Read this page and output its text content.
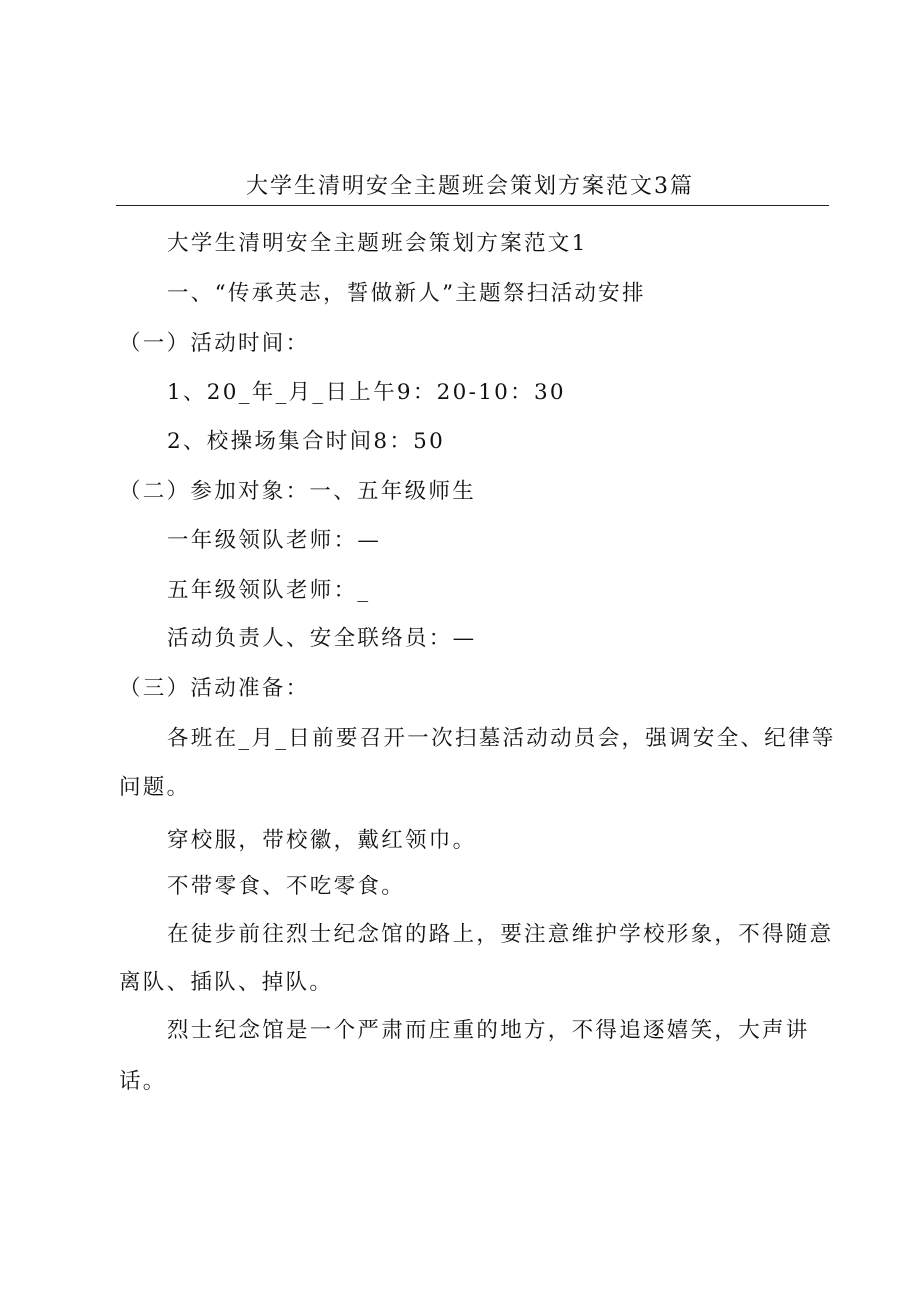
大学生清明安全主题班会策划方案范文3篇
大学生清明安全主题班会策划方案范文1
一、“传承英志，誓做新人”主题祭扫活动安排
（一）活动时间：
1、20_年_月_日上午9：20-10：30
2、校操场集合时间8：50
（二）参加对象：一、五年级师生
一年级领队老师：—
五年级领队老师：_
活动负责人、安全联络员：—
（三）活动准备：
各班在_月_日前要召开一次扫墓活动动员会，强调安全、纪律等
问题。
穿校服，带校徽，戴红领巾。
不带零食、不吃零食。
在徒步前往烈士纪念馆的路上，要注意维护学校形象，不得随意
离队、插队、掉队。
烈士纪念馆是一个严肃而庄重的地方，不得追逐嬉笑，大声讲
话。
